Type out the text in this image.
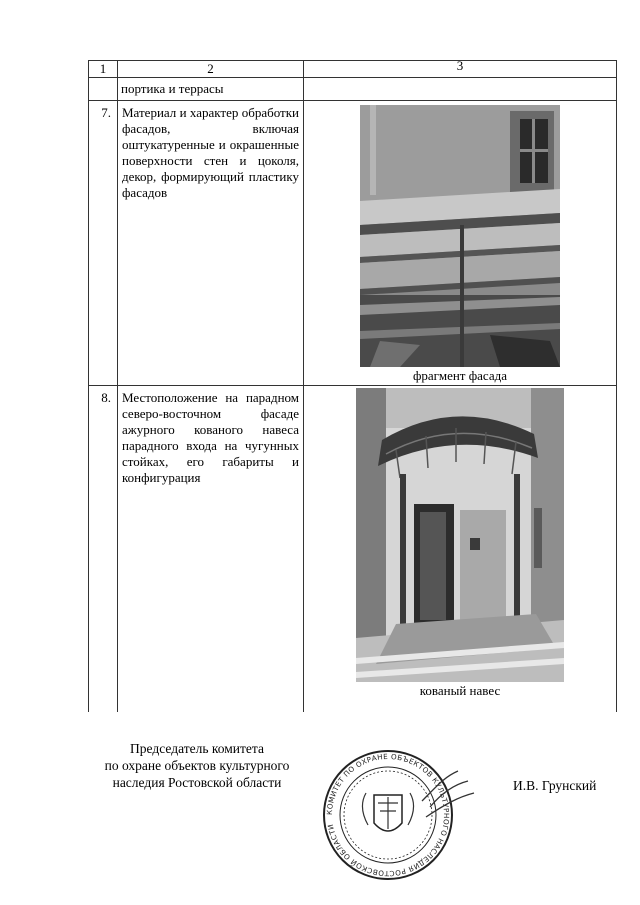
1	2	3

	портика и террасы	

7.	Материал и характер обработки фасадов, включая оштукатуренные и окрашенные поверхности стен и цоколя, декор, формирующий пластику фасадов	фрагмент фасада

8.	Местоположение на парадном северо-восточном фасаде ажурного кованого навеса парадного входа на чугунных стойках, его габариты и конфигурация	кованый навес
Председатель комитета
по охране объектов культурного
наследия Ростовской области
КОМИТЕТ ПО ОХРАНЕ ОБЪЕКТОВ КУЛЬТУРНОГО НАСЛЕДИЯ РОСТОВСКОЙ ОБЛАСТИ
И.В. Грунский
